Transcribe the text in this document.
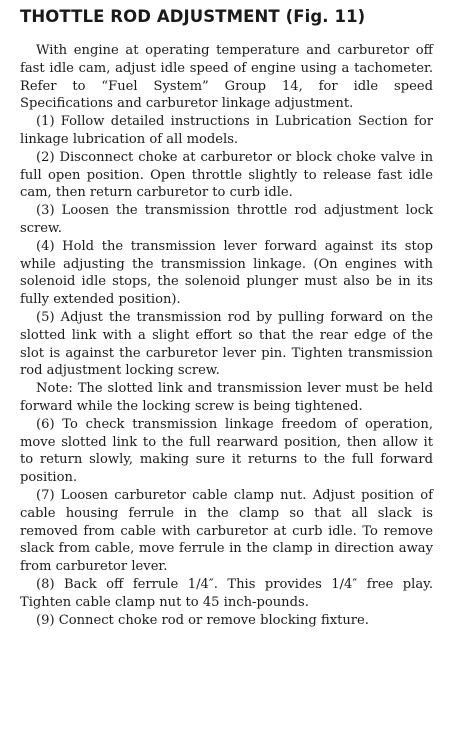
THOTTLE ROD ADJUSTMENT (Fig. 11)

With engine at operating temperature and carburetor off fast idle cam, adjust idle speed of engine using a tachometer. Refer to “Fuel System” Group 14, for idle speed Specifications and carburetor linkage adjustment.

(1) Follow detailed instructions in Lubrication Section for linkage lubrication of all models.

(2) Disconnect choke at carburetor or block choke valve in full open position. Open throttle slightly to release fast idle cam, then return carburetor to curb idle.

(3) Loosen the transmission throttle rod adjustment lock screw.

(4) Hold the transmission lever forward against its stop while adjusting the transmission linkage. (On engines with solenoid idle stops, the solenoid plunger must also be in its fully extended position).

(5) Adjust the transmission rod by pulling forward on the slotted link with a slight effort so that the rear edge of the slot is against the carburetor lever pin. Tighten transmission rod adjustment locking screw.

Note: The slotted link and transmission lever must be held forward while the locking screw is being tightened.

(6) To check transmission linkage freedom of operation, move slotted link to the full rearward position, then allow it to return slowly, making sure it returns to the full forward position.

(7) Loosen carburetor cable clamp nut. Adjust position of cable housing ferrule in the clamp so that all slack is removed from cable with carburetor at curb idle. To remove slack from cable, move ferrule in the clamp in direction away from carburetor lever.

(8) Back off ferrule 1/4″. This provides 1/4″ free play. Tighten cable clamp nut to 45 inch-pounds.

(9) Connect choke rod or remove blocking fixture.
